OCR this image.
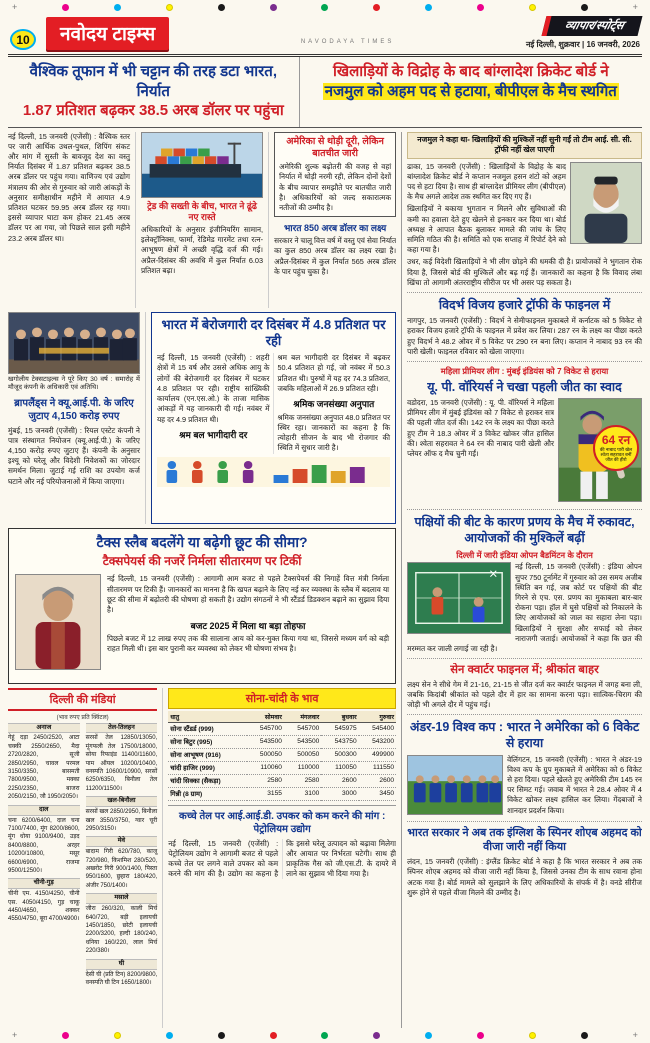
+	+
10	नवोदय टाइम्स	NAVODAYA TIMES
व्यापार/स्पोर्ट्स
नई दिल्ली, शुक्रवार | 16 जनवरी, 2026
वैश्विक तूफान में भी चट्टान की तरह डटा भारत, निर्यात
1.87 प्रतिशत बढ़कर 38.5 अरब डॉलर पर पहुंचा
खिलाड़ियों के विद्रोह के बाद बांग्लादेश क्रिकेट बोर्ड ने
नजमुल को अहम पद से हटाया, बीपीएल के मैच स्थगित
नई दिल्ली, 15 जनवरी (एजेंसी) : वैश्विक स्तर पर जारी आर्थिक उथल-पुथल, शिपिंग संकट और मांग में सुस्ती के बावजूद देश का वस्तु निर्यात दिसंबर में 1.87 प्रतिशत बढ़कर 38.5 अरब डॉलर पर पहुंच गया। वाणिज्य एवं उद्योग मंत्रालय की ओर से गुरुवार को जारी आंकड़ों के अनुसार समीक्षाधीन महीने में आयात 4.9 प्रतिशत घटकर 59.95 अरब डॉलर रह गया। इससे व्यापार घाटा कम होकर 21.45 अरब डॉलर पर आ गया, जो पिछले साल इसी महीने 23.2 अरब डॉलर था।
ट्रेड की सख्ती के बीच, भारत ने ढूंढे नए रास्ते
अधिकारियों के अनुसार इंजीनियरिंग सामान, इलेक्ट्रॉनिक्स, फार्मा, रेडिमेड गारमेंट तथा रत्न-आभूषण क्षेत्रों में अच्छी वृद्धि दर्ज की गई। अप्रैल-दिसंबर की अवधि में कुल निर्यात 6.03 प्रतिशत बढ़ा।
अमेरिका से थोड़ी दूरी, लेकिन बातचीत जारी
अमेरिकी शुल्क बढ़ोतरी की वजह से वहां निर्यात में थोड़ी नरमी रही, लेकिन दोनों देशों के बीच व्यापार समझौते पर बातचीत जारी है। अधिकारियों को जल्द सकारात्मक नतीजों की उम्मीद है।
भारत 850 अरब डॉलर का लक्ष्य
सरकार ने चालू वित्त वर्ष में वस्तु एवं सेवा निर्यात का कुल 850 अरब डॉलर का लक्ष्य रखा है। अप्रैल-दिसंबर में कुल निर्यात 565 अरब डॉलर के पार पहुंच चुका है।
खगोलीय टेक्सटाइल्स ने पूरे किए 30 वर्ष : समारोह में मौजूद कंपनी के अधिकारी एवं अतिथि।
ब्रापलैंड्स ने क्यू.आई.पी. के जरिए जुटाए 4,150 करोड़ रुपए
मुंबई, 15 जनवरी (एजेंसी) : रियल एस्टेट कंपनी ने पात्र संस्थागत नियोजन (क्यू.आई.पी.) के जरिए 4,150 करोड़ रुपए जुटाए हैं। कंपनी के अनुसार इश्यू को घरेलू और विदेशी निवेशकों का जोरदार समर्थन मिला। जुटाई गई राशि का उपयोग कर्ज घटाने और नई परियोजनाओं में किया जाएगा।
भारत में बेरोजगारी दर दिसंबर में 4.8 प्रतिशत पर रही
नई दिल्ली, 15 जनवरी (एजेंसी) : शहरी क्षेत्रों में 15 वर्ष और उससे अधिक आयु के लोगों की बेरोजगारी दर दिसंबर में घटकर 4.8 प्रतिशत पर रही। राष्ट्रीय सांख्यिकी कार्यालय (एन.एस.ओ.) के ताजा मासिक आंकड़ों में यह जानकारी दी गई। नवंबर में यह दर 4.9 प्रतिशत थी।
श्रम बल भागीदारी दर
श्रम बल भागीदारी दर दिसंबर में बढ़कर 50.4 प्रतिशत हो गई, जो नवंबर में 50.3 प्रतिशत थी। पुरुषों में यह दर 74.3 प्रतिशत, जबकि महिलाओं में 26.9 प्रतिशत रही।
श्रमिक जनसंख्या अनुपात
श्रमिक जनसंख्या अनुपात 48.0 प्रतिशत पर स्थिर रहा। जानकारों का कहना है कि त्योहारी सीजन के बाद भी रोजगार की स्थिति में सुधार जारी है।
टैक्स स्लैब बदलेंगे या बढ़ेगी छूट की सीमा?
टैक्सपेयर्स की नजरें निर्मला सीतारमण पर टिकीं
नई दिल्ली, 15 जनवरी (एजेंसी) : आगामी आम बजट से पहले टैक्सपेयर्स की निगाहें वित्त मंत्री निर्मला सीतारमण पर टिकी हैं। जानकारों का मानना है कि खपत बढ़ाने के लिए नई कर व्यवस्था के स्लैब में बदलाव या छूट की सीमा में बढ़ोतरी की घोषणा हो सकती है। उद्योग संगठनों ने भी स्टैंडर्ड डिडक्शन बढ़ाने का सुझाव दिया है।
बजट 2025 में मिला था बड़ा तोहफा
पिछले बजट में 12 लाख रुपए तक की सालाना आय को कर-मुक्त किया गया था, जिससे मध्यम वर्ग को बड़ी राहत मिली थी। इस बार पुरानी कर व्यवस्था को लेकर भी घोषणा संभव है।
दिल्ली की मंडियां
(भाव रुपए प्रति क्विंटल)
अनाज
गेहूं दड़ा 2450/2520, आटा चक्की 2550/2650, मैदा 2720/2820, सूजी 2850/2950, चावल परमल 3150/3350, बासमती 7800/9500, मक्का 2250/2350, बाजरा 2050/2150, जौ 1950/2050।
दाल
चना 6200/6400, दाल चना 7100/7400, मूंग 8200/8600, मूंग धोया 9100/9400, उड़द 8400/8800, अरहर 10200/10800, मसूर 6600/6900, राजमा 9500/12500।
चीनी-गुड़
चीनी एम. 4150/4250, चीनी एस. 4050/4150, गुड़ चाकू 4450/4650, शक्कर 4550/4750, बूरा 4700/4900।
तेल-तिलहन
सरसों तेल 12850/13050, मूंगफली तेल 17500/18000, सोया रिफाइंड 11400/11600, पाम ऑयल 10200/10400, वनस्पति 10600/10900, सरसों 6250/6350, बिनौला तेल 11200/11500।
खल-बिनौला
सरसों खल 2850/2950, बिनौला खल 3550/3750, ग्वार चूरी 2950/3150।
मेवे
बादाम गिरी 620/780, काजू 720/980, किशमिश 280/520, अखरोट गिरी 900/1400, पिस्ता 950/1600, छुहारा 180/420, अंजीर 750/1400।
मसाले
जीरा 260/320, काली मिर्च 640/720, बड़ी इलायची 1450/1850, छोटी इलायची 2200/3200, हल्दी 180/240, धनिया 160/220, लाल मिर्च 220/380।
घी
देसी घी (प्रति टिन) 8200/9800, वनस्पति घी टिन 1650/1800।
सोना-चांदी के भाव
धातु	सोमवार	मंगलवार	बुधवार	गुरुवार
सोना स्टैंडर्ड (999)	545700	545700	545975	545400
सोना बिटुर (995)	543500	543500	543750	543200
सोना आभूषण (916)	500050	500050	500300	499900
चांदी हाजिर (999)	110060	110000	110050	111550
चांदी सिक्का (सैकड़ा)	2580	2580	2600	2600
गिन्नी (8 ग्राम)	3155	3100	3000	3450
कच्चे तेल पर आई.आई.डी. उपकर को कम करने की मांग : पेट्रोलियम उद्योग
नई दिल्ली, 15 जनवरी (एजेंसी) : पेट्रोलियम उद्योग ने आगामी बजट से पहले कच्चे तेल पर लगने वाले उपकर को कम करने की मांग की है। उद्योग का कहना है कि इससे घरेलू उत्पादन को बढ़ावा मिलेगा और आयात पर निर्भरता घटेगी। साथ ही प्राकृतिक गैस को जी.एस.टी. के दायरे में लाने का सुझाव भी दिया गया है।
नजमुल ने कहा था- खिलाड़ियों की मुश्किलें नहीं सुनी गईं तो टीम आई. सी. सी. ट्रॉफी नहीं खेल पाएगी
ढाका, 15 जनवरी (एजेंसी) : खिलाड़ियों के विद्रोह के बाद बांग्लादेश क्रिकेट बोर्ड ने कप्तान नजमुल हसन शंटो को अहम पद से हटा दिया है। साथ ही बांग्लादेश प्रीमियर लीग (बीपीएल) के मैच अगले आदेश तक स्थगित कर दिए गए हैं।
खिलाड़ियों ने बकाया भुगतान न मिलने और सुविधाओं की कमी का हवाला देते हुए खेलने से इनकार कर दिया था। बोर्ड अध्यक्ष ने आपात बैठक बुलाकर मामले की जांच के लिए समिति गठित की है। समिति को एक सप्ताह में रिपोर्ट देने को कहा गया है।
उधर, कई विदेशी खिलाड़ियों ने भी लीग छोड़ने की धमकी दी है। प्रायोजकों ने भुगतान रोक दिया है, जिससे बोर्ड की मुश्किलें और बढ़ गई हैं। जानकारों का कहना है कि विवाद लंबा खिंचा तो आगामी अंतरराष्ट्रीय सीरीज पर भी असर पड़ सकता है।
विदर्भ विजय हजारे ट्रॉफी के फाइनल में
नागपुर, 15 जनवरी (एजेंसी) : विदर्भ ने सेमीफाइनल मुकाबले में कर्नाटक को 5 विकेट से हराकर विजय हजारे ट्रॉफी के फाइनल में प्रवेश कर लिया। 287 रन के लक्ष्य का पीछा करते हुए विदर्भ ने 48.2 ओवर में 5 विकेट पर 290 रन बना लिए। कप्तान ने नाबाद 93 रन की पारी खेली। फाइनल रविवार को खेला जाएगा।
महिला प्रीमियर लीग : मुंबई इंडियंस को 7 विकेट से हराया
यू. पी. वॉरियर्स ने चखा पहली जीत का स्वाद
64 रन
की नाबाद पारी खेल श्वेता सहरावत बनीं जीत की हीरो
वडोदरा, 15 जनवरी (एजेंसी) : यू. पी. वॉरियर्स ने महिला प्रीमियर लीग में मुंबई इंडियंस को 7 विकेट से हराकर सत्र की पहली जीत दर्ज की। 142 रन के लक्ष्य का पीछा करते हुए टीम ने 18.3 ओवर में 3 विकेट खोकर जीत हासिल की। श्वेता सहरावत ने 64 रन की नाबाद पारी खेली और प्लेयर ऑफ द मैच चुनी गईं।
पक्षियों की बीट के कारण प्रणय के मैच में रुकावट, आयोजकों की मुश्किलें बढ़ीं
दिल्ली में जारी इंडिया ओपन बैडमिंटन के दौरान
नई दिल्ली, 15 जनवरी (एजेंसी) : इंडिया ओपन सुपर 750 टूर्नामेंट में गुरुवार को उस समय अजीब स्थिति बन गई, जब कोर्ट पर पक्षियों की बीट गिरने से एच. एस. प्रणय का मुकाबला बार-बार रोकना पड़ा। हॉल में घुसे पक्षियों को निकालने के लिए आयोजकों को जाल का सहारा लेना पड़ा। खिलाड़ियों ने सुरक्षा और सफाई को लेकर नाराजगी जताई। आयोजकों ने कहा कि छत की मरम्मत कर जाली लगाई जा रही है।
सेन क्वार्टर फाइनल में; श्रीकांत बाहर
लक्ष्य सेन ने सीधे गेम में 21-16, 21-15 से जीत दर्ज कर क्वार्टर फाइनल में जगह बना ली, जबकि किदांबी श्रीकांत को पहले दौर में हार का सामना करना पड़ा। सात्विक-चिराग की जोड़ी भी अगले दौर में पहुंच गई।
अंडर-19 विश्व कप : भारत ने अमेरिका को 6 विकेट से हराया
वेलिंगटन, 15 जनवरी (एजेंसी) : भारत ने अंडर-19 विश्व कप के ग्रुप मुकाबले में अमेरिका को 6 विकेट से हरा दिया। पहले खेलते हुए अमेरिकी टीम 145 रन पर सिमट गई। जवाब में भारत ने 28.4 ओवर में 4 विकेट खोकर लक्ष्य हासिल कर लिया। गेंदबाजों ने शानदार प्रदर्शन किया।
भारत सरकार ने अब तक इंग्लिश के स्पिनर शोएब अहमद को वीजा जारी नहीं किया
लंदन, 15 जनवरी (एजेंसी) : इंग्लैंड क्रिकेट बोर्ड ने कहा है कि भारत सरकार ने अब तक स्पिनर शोएब अहमद को वीजा जारी नहीं किया है, जिससे उनका टीम के साथ रवाना होना अटक गया है। बोर्ड मामले को सुलझाने के लिए अधिकारियों के संपर्क में है। वनडे सीरीज शुरू होने से पहले वीजा मिलने की उम्मीद है।
+	+
